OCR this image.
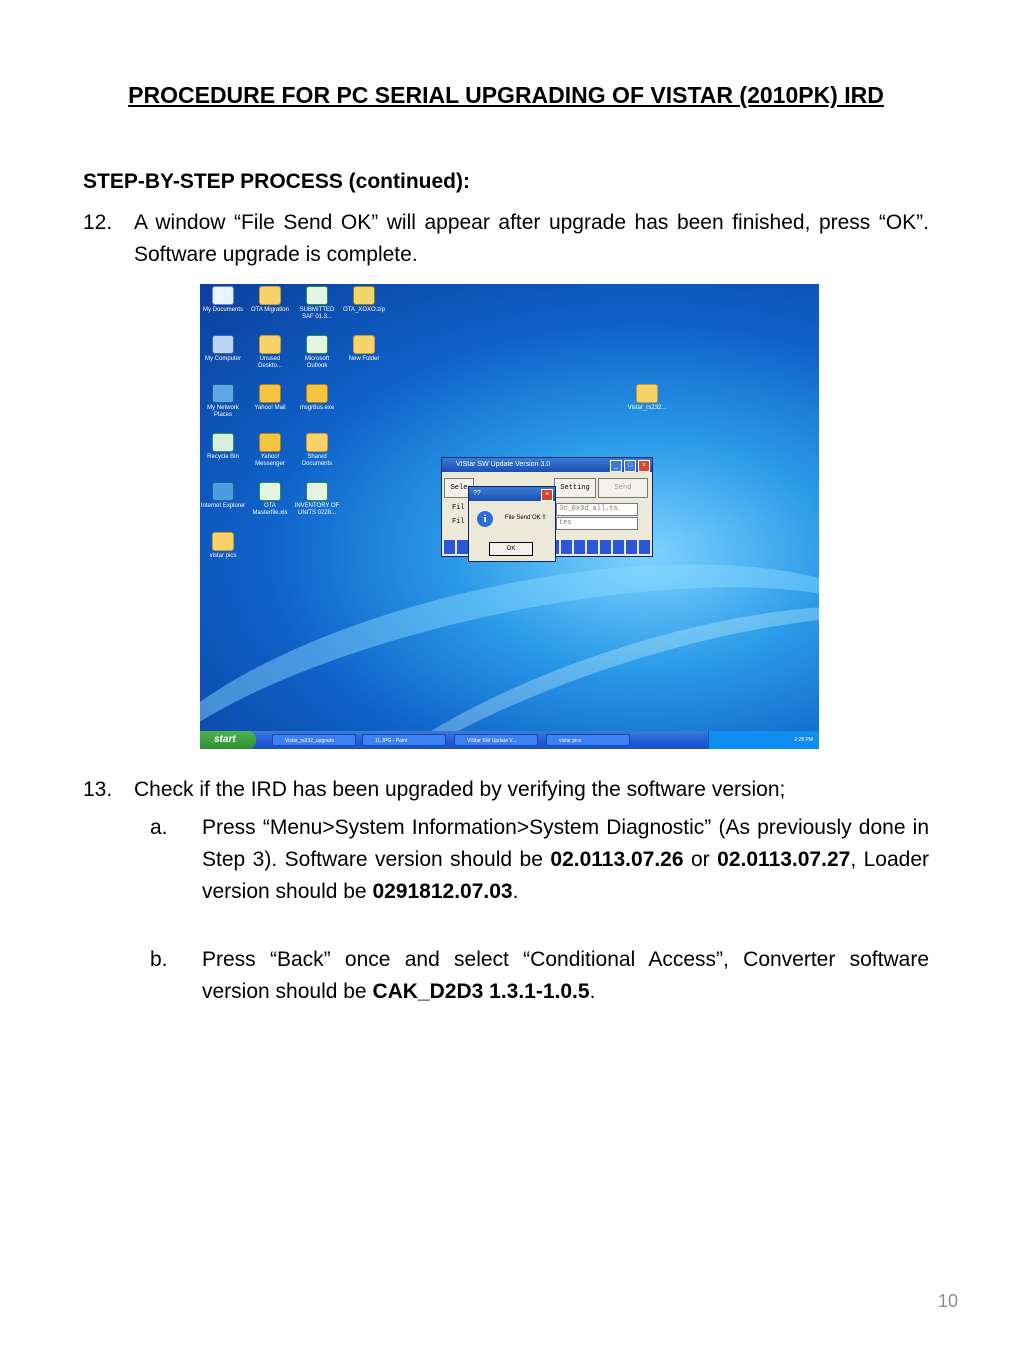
PROCEDURE FOR PC SERIAL UPGRADING OF VISTAR (2010PK) IRD
STEP-BY-STEP PROCESS (continued):
12. A window “File Send OK” will appear after upgrade has been finished, press “OK”. Software upgrade is complete.
My Documents	OTA Migration	SUBMITTED SAF 01.3...
OTA_XOXO.zip
My Computer	Unused Deskto...
Microsoft Outlook
New Folder
My Network Places
Yahoo! Mail	msgr8us.exe	Vistar_rs232...
Recycle Bin	Yahoo! Messenger
Shared Documents
Internet Explorer	OTA Masterfile.xls
INVENTORY OF UNITS 0228...
vistar pics
VIStar SW Update Version 3.0	_	□	×
Sele	Setting	Send
Fil
Fil
3c_0x3d_all.ts
tes
??	×
i	File Send OK !!
OK
start	Vistar_rs232_upgrade	11.JPG - Paint	VIStar SW Update V...	vistar pics	2:28 PM
13. Check if the IRD has been upgraded by verifying the software version;
a. Press “Menu>System Information>System Diagnostic” (As previously done in Step 3). Software version should be 02.0113.07.26 or 02.0113.07.27, Loader version should be 0291812.07.03.
b. Press “Back” once and select “Conditional Access”, Converter software version should be CAK_D2D3 1.3.1-1.0.5.
10
